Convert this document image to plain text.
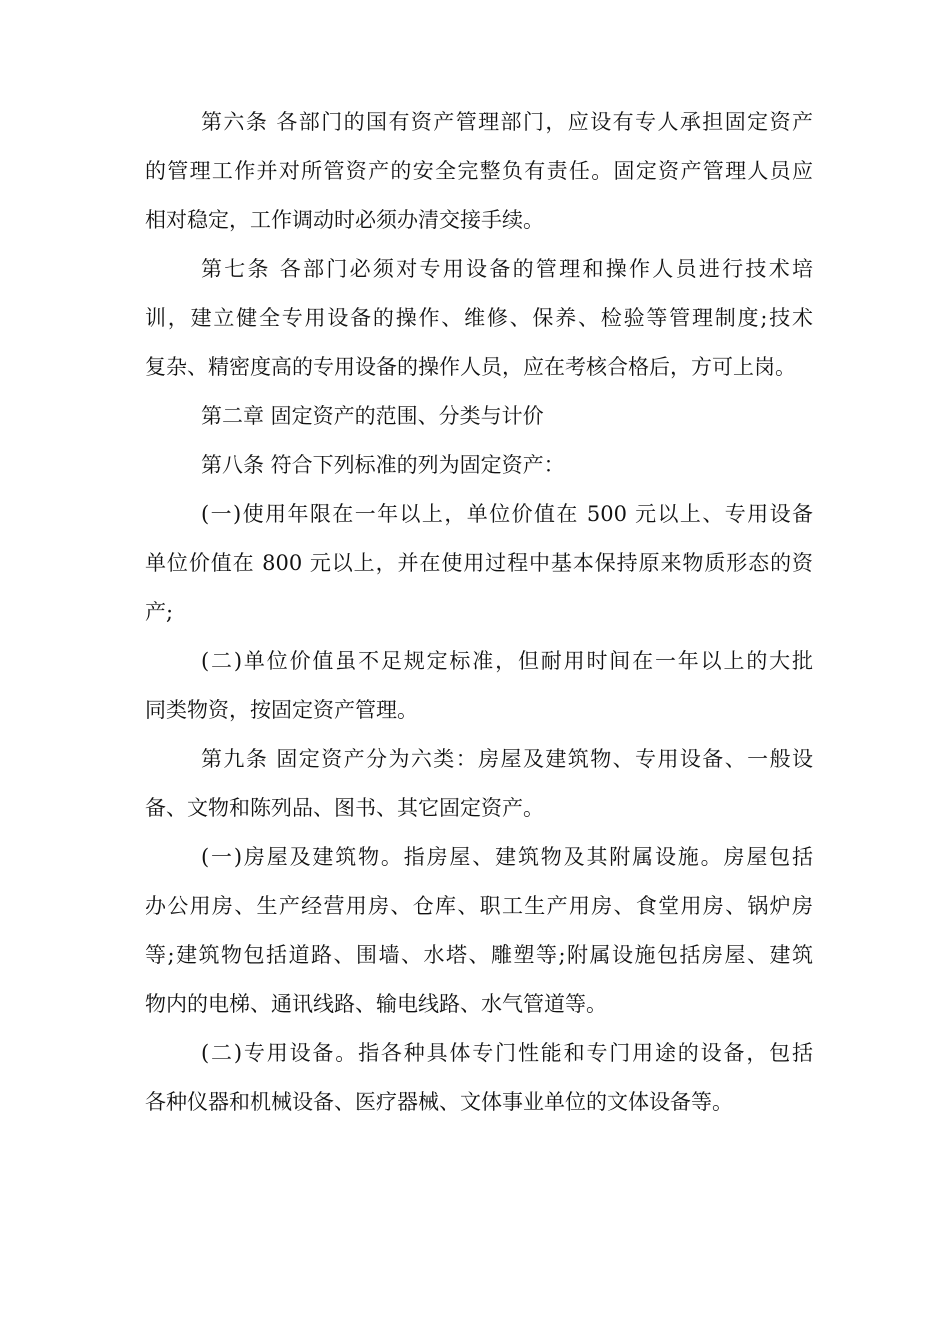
第六条 各部门的国有资产管理部门，应设有专人承担固定资产
的管理工作并对所管资产的安全完整负有责任。固定资产管理人员应
相对稳定，工作调动时必须办清交接手续。
第七条 各部门必须对专用设备的管理和操作人员进行技术培
训，建立健全专用设备的操作、维修、保养、检验等管理制度;技术
复杂、精密度高的专用设备的操作人员，应在考核合格后，方可上岗。
第二章 固定资产的范围、分类与计价
第八条 符合下列标准的列为固定资产：
(一)使用年限在一年以上，单位价值在 500 元以上、专用设备
单位价值在 800 元以上，并在使用过程中基本保持原来物质形态的资
产;
(二)单位价值虽不足规定标准，但耐用时间在一年以上的大批
同类物资，按固定资产管理。
第九条 固定资产分为六类：房屋及建筑物、专用设备、一般设
备、文物和陈列品、图书、其它固定资产。
(一)房屋及建筑物。指房屋、建筑物及其附属设施。房屋包括
办公用房、生产经营用房、仓库、职工生产用房、食堂用房、锅炉房
等;建筑物包括道路、围墙、水塔、雕塑等;附属设施包括房屋、建筑
物内的电梯、通讯线路、输电线路、水气管道等。
(二)专用设备。指各种具体专门性能和专门用途的设备，包括
各种仪器和机械设备、医疗器械、文体事业单位的文体设备等。
